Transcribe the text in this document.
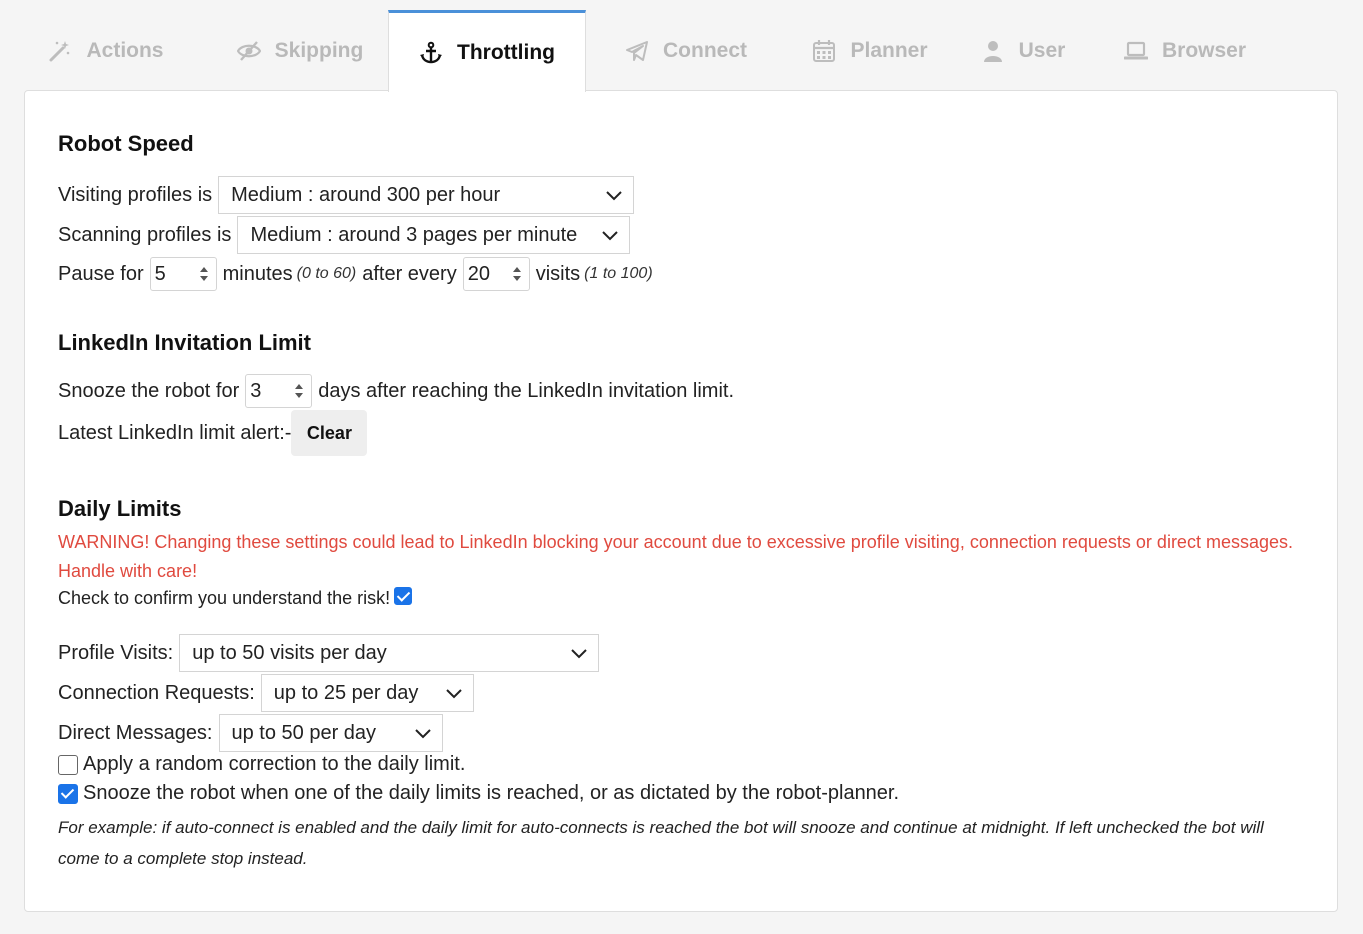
Actions	Skipping	Throttling	Connect	Planner	User	Browser
Robot Speed
Visiting profiles is Medium : around 300 per hour
Scanning profiles is Medium : around 3 pages per minute
Pause for 5	minutes (0 to 60) after every 20 visits (1 to 100)
LinkedIn Invitation Limit
Snooze the robot for 3	days after reaching the LinkedIn invitation limit.
Latest LinkedIn limit alert:- Clear
Daily Limits
WARNING! Changing these settings could lead to LinkedIn blocking your account due to excessive profile visiting, connection requests or direct messages. Handle with care!
Check to confirm you understand the risk!
Profile Visits: up to 50 visits per day
Connection Requests: up to 25 per day
Direct Messages: up to 50 per day
Apply a random correction to the daily limit.
Snooze the robot when one of the daily limits is reached, or as dictated by the robot-planner.
For example: if auto-connect is enabled and the daily limit for auto-connects is reached the bot will snooze and continue at midnight. If left unchecked the bot will come to a complete stop instead.
